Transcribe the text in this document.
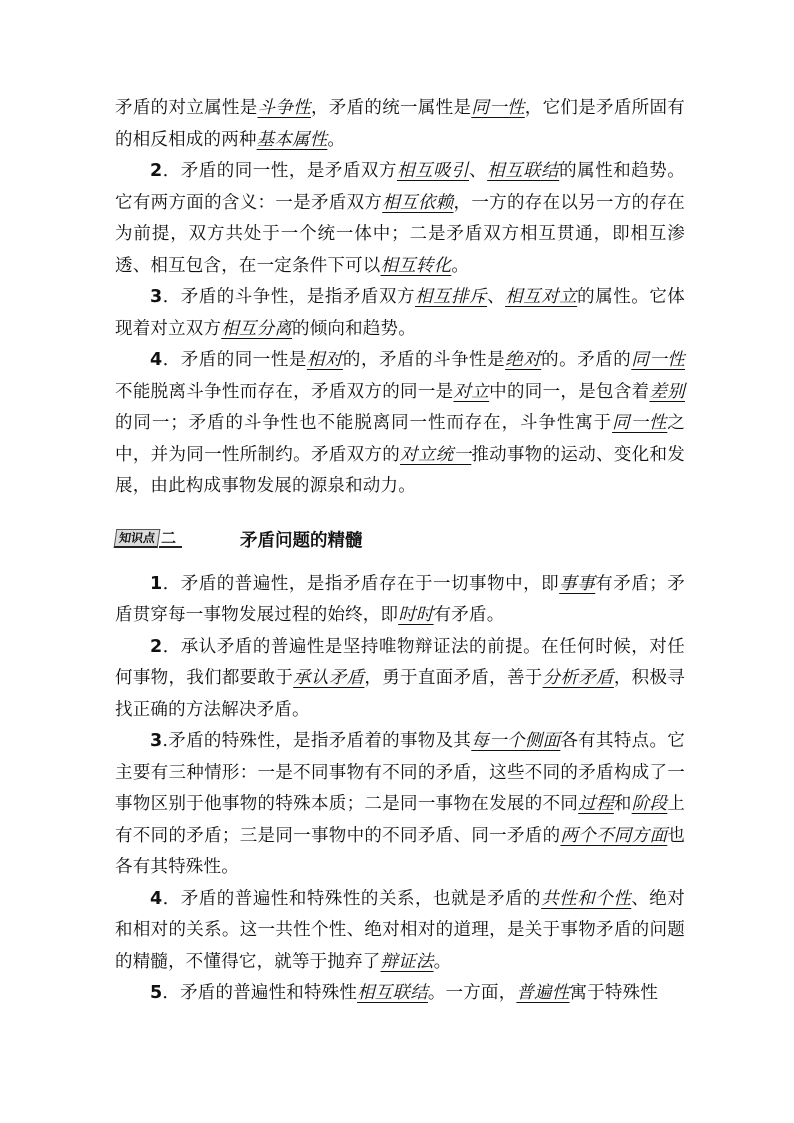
矛盾的对立属性是斗争性，矛盾的统一属性是同一性，它们是矛盾所固有的相反相成的两种基本属性。

2．矛盾的同一性，是矛盾双方相互吸引、相互联结的属性和趋势。它有两方面的含义：一是矛盾双方相互依赖，一方的存在以另一方的存在为前提，双方共处于一个统一体中；二是矛盾双方相互贯通，即相互渗透、相互包含，在一定条件下可以相互转化。

3．矛盾的斗争性，是指矛盾双方相互排斥、相互对立的属性。它体现着对立双方相互分离的倾向和趋势。

4．矛盾的同一性是相对的，矛盾的斗争性是绝对的。矛盾的同一性不能脱离斗争性而存在，矛盾双方的同一是对立中的同一，是包含着差别的同一；矛盾的斗争性也不能脱离同一性而存在，斗争性寓于同一性之中，并为同一性所制约。矛盾双方的对立统一推动事物的运动、变化和发展，由此构成事物发展的源泉和动力。

知识点 二	矛盾问题的精髓

1．矛盾的普遍性，是指矛盾存在于一切事物中，即事事有矛盾；矛盾贯穿每一事物发展过程的始终，即时时有矛盾。

2．承认矛盾的普遍性是坚持唯物辩证法的前提。在任何时候，对任何事物，我们都要敢于承认矛盾，勇于直面矛盾，善于分析矛盾，积极寻找正确的方法解决矛盾。

3.矛盾的特殊性，是指矛盾着的事物及其每一个侧面各有其特点。它主要有三种情形：一是不同事物有不同的矛盾，这些不同的矛盾构成了一事物区别于他事物的特殊本质；二是同一事物在发展的不同过程和阶段上有不同的矛盾；三是同一事物中的不同矛盾、同一矛盾的两个不同方面也各有其特殊性。

4．矛盾的普遍性和特殊性的关系，也就是矛盾的共性和个性、绝对和相对的关系。这一共性个性、绝对相对的道理，是关于事物矛盾的问题的精髓，不懂得它，就等于抛弃了辩证法。

5．矛盾的普遍性和特殊性相互联结。一方面，普遍性寓于特殊性
